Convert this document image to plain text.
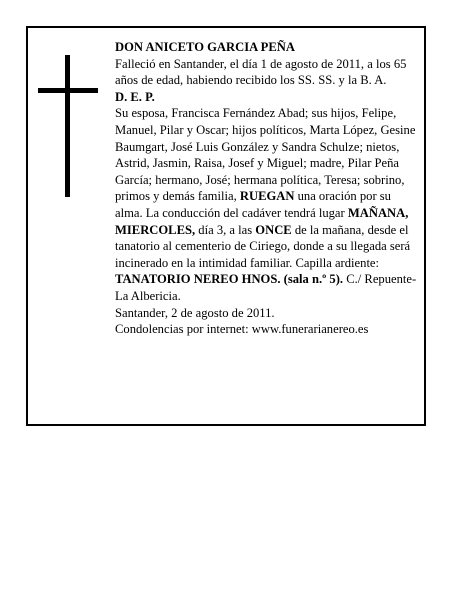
DON ANICETO GARCIA PEÑA

Falleció en Santander, el día 1 de agosto de 2011, a los 65 años de edad, habiendo recibido los SS. SS. y la B. A.

D. E. P.

Su esposa, Francisca Fernández Abad; sus hijos, Felipe, Manuel, Pilar y Oscar; hijos políticos, Marta López, Gesine Baumgart, José Luis González y Sandra Schulze; nietos, Astrid, Jasmin, Raisa, Josef y Miguel; madre, Pilar Peña García; hermano, José; hermana política, Teresa; sobrino, primos y demás familia, RUEGAN una oración por su alma. La conducción del cadáver tendrá lugar MAÑANA, MIERCOLES, día 3, a las ONCE de la mañana, desde el tanatorio al cementerio de Ciriego, donde a su llegada será incinerado en la intimidad familiar. Capilla ardiente: TANATORIO NEREO HNOS. (sala n.º 5). C./ Repuente-La Albericia.

Santander, 2 de agosto de 2011.

Condolencias por internet: www.funerarianereo.es
